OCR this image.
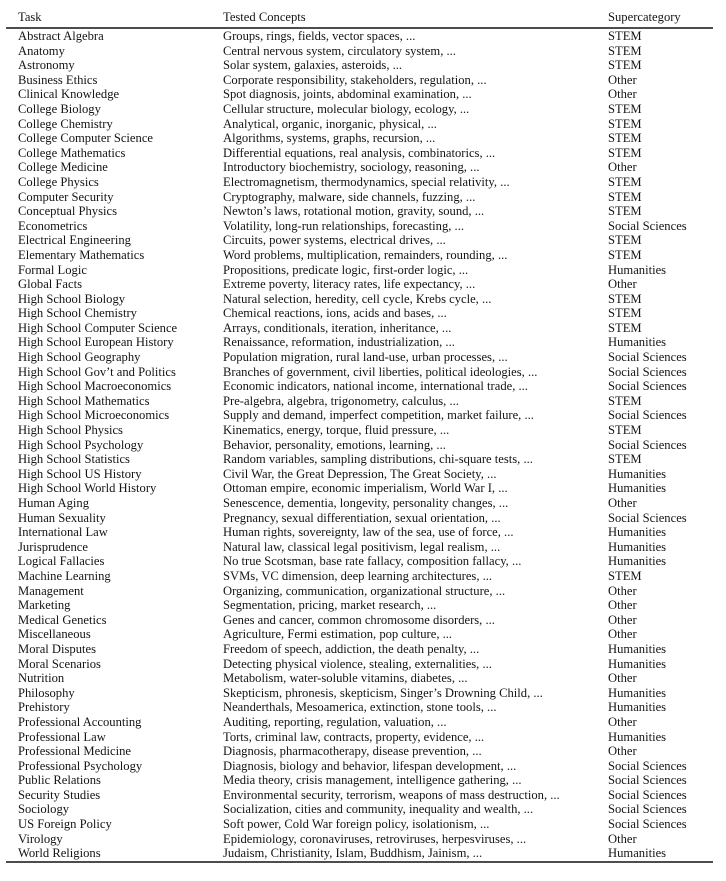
Task	Tested Concepts	Supercategory
Abstract Algebra	Groups, rings, fields, vector spaces, ...	STEM
Anatomy	Central nervous system, circulatory system, ...	STEM
Astronomy	Solar system, galaxies, asteroids, ...	STEM
Business Ethics	Corporate responsibility, stakeholders, regulation, ...	Other
Clinical Knowledge	Spot diagnosis, joints, abdominal examination, ...	Other
College Biology	Cellular structure, molecular biology, ecology, ...	STEM
College Chemistry	Analytical, organic, inorganic, physical, ...	STEM
College Computer Science	Algorithms, systems, graphs, recursion, ...	STEM
College Mathematics	Differential equations, real analysis, combinatorics, ...	STEM
College Medicine	Introductory biochemistry, sociology, reasoning, ...	Other
College Physics	Electromagnetism, thermodynamics, special relativity, ...	STEM
Computer Security	Cryptography, malware, side channels, fuzzing, ...	STEM
Conceptual Physics	Newton’s laws, rotational motion, gravity, sound, ...	STEM
Econometrics	Volatility, long-run relationships, forecasting, ...	Social Sciences
Electrical Engineering	Circuits, power systems, electrical drives, ...	STEM
Elementary Mathematics	Word problems, multiplication, remainders, rounding, ...	STEM
Formal Logic	Propositions, predicate logic, first-order logic, ...	Humanities
Global Facts	Extreme poverty, literacy rates, life expectancy, ...	Other
High School Biology	Natural selection, heredity, cell cycle, Krebs cycle, ...	STEM
High School Chemistry	Chemical reactions, ions, acids and bases, ...	STEM
High School Computer Science	Arrays, conditionals, iteration, inheritance, ...	STEM
High School European History	Renaissance, reformation, industrialization, ...	Humanities
High School Geography	Population migration, rural land-use, urban processes, ...	Social Sciences
High School Gov’t and Politics	Branches of government, civil liberties, political ideologies, ...	Social Sciences
High School Macroeconomics	Economic indicators, national income, international trade, ...	Social Sciences
High School Mathematics	Pre-algebra, algebra, trigonometry, calculus, ...	STEM
High School Microeconomics	Supply and demand, imperfect competition, market failure, ...	Social Sciences
High School Physics	Kinematics, energy, torque, fluid pressure, ...	STEM
High School Psychology	Behavior, personality, emotions, learning, ...	Social Sciences
High School Statistics	Random variables, sampling distributions, chi-square tests, ...	STEM
High School US History	Civil War, the Great Depression, The Great Society, ...	Humanities
High School World History	Ottoman empire, economic imperialism, World War I, ...	Humanities
Human Aging	Senescence, dementia, longevity, personality changes, ...	Other
Human Sexuality	Pregnancy, sexual differentiation, sexual orientation, ...	Social Sciences
International Law	Human rights, sovereignty, law of the sea, use of force, ...	Humanities
Jurisprudence	Natural law, classical legal positivism, legal realism, ...	Humanities
Logical Fallacies	No true Scotsman, base rate fallacy, composition fallacy, ...	Humanities
Machine Learning	SVMs, VC dimension, deep learning architectures, ...	STEM
Management	Organizing, communication, organizational structure, ...	Other
Marketing	Segmentation, pricing, market research, ...	Other
Medical Genetics	Genes and cancer, common chromosome disorders, ...	Other
Miscellaneous	Agriculture, Fermi estimation, pop culture, ...	Other
Moral Disputes	Freedom of speech, addiction, the death penalty, ...	Humanities
Moral Scenarios	Detecting physical violence, stealing, externalities, ...	Humanities
Nutrition	Metabolism, water-soluble vitamins, diabetes, ...	Other
Philosophy	Skepticism, phronesis, skepticism, Singer’s Drowning Child, ...	Humanities
Prehistory	Neanderthals, Mesoamerica, extinction, stone tools, ...	Humanities
Professional Accounting	Auditing, reporting, regulation, valuation, ...	Other
Professional Law	Torts, criminal law, contracts, property, evidence, ...	Humanities
Professional Medicine	Diagnosis, pharmacotherapy, disease prevention, ...	Other
Professional Psychology	Diagnosis, biology and behavior, lifespan development, ...	Social Sciences
Public Relations	Media theory, crisis management, intelligence gathering, ...	Social Sciences
Security Studies	Environmental security, terrorism, weapons of mass destruction, ...	Social Sciences
Sociology	Socialization, cities and community, inequality and wealth, ...	Social Sciences
US Foreign Policy	Soft power, Cold War foreign policy, isolationism, ...	Social Sciences
Virology	Epidemiology, coronaviruses, retroviruses, herpesviruses, ...	Other
World Religions	Judaism, Christianity, Islam, Buddhism, Jainism, ...	Humanities
